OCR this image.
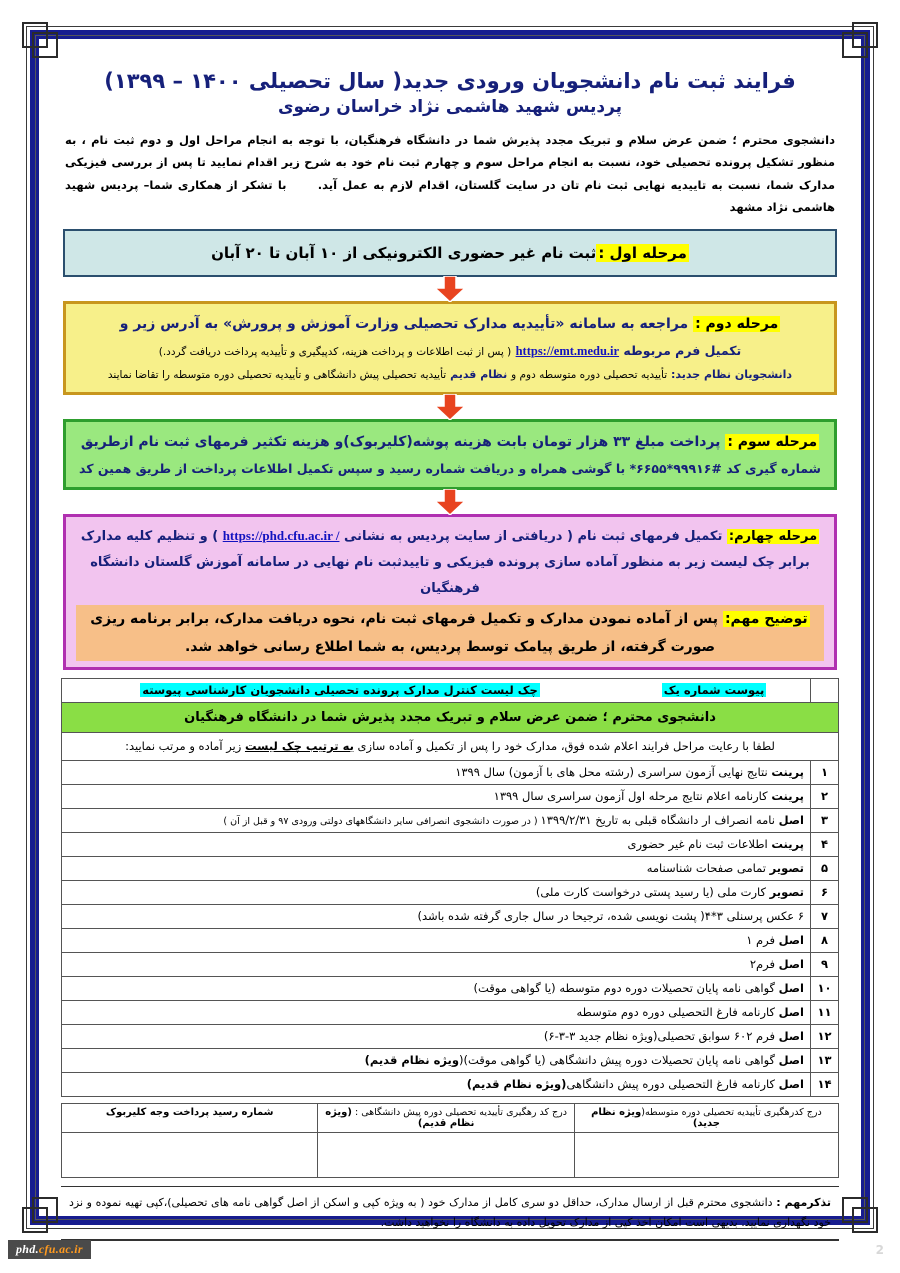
فرایند ثبت نام دانشجویان ورودی جدید( سال تحصیلی ۱۴۰۰ – ۱۳۹۹)
پردیس شهید هاشمی نژاد خراسان رضوی
دانشجوی محترم ؛ ضمن عرض سلام و تبریک مجدد پذیرش شما در دانشگاه فرهنگیان، با توجه به انجام مراحل اول و دوم ثبت نام ، به منظور تشکیل پرونده تحصیلی خود، نسبت به انجام مراحل سوم و چهارم ثبت نام خود به شرح زیر اقدام نمایید تا پس از بررسی فیزیکی مدارک شما، نسبت به تاییدیه نهایی ثبت نام تان در سایت گلستان، اقدام لازم به عمل آید.      با تشکر از همکاری شما– پردیس شهید هاشمی نژاد مشهد
مرحله اول :ثبت نام غیر حضوری الکترونیکی از ۱۰ آبان تا ۲۰ آبان
مرحله دوم : مراجعه به سامانه «تأییدیه مدارک تحصیلی وزارت آموزش و پرورش» به آدرس زیر و
تکمیل فرم مربوطه https://emt.medu.ir ( پس از ثبت اطلاعات و پرداخت هزینه، کدپیگیری و تأییدیه پرداخت دریافت گردد.)
دانشجویان نظام جدید: تأییدیه تحصیلی دوره متوسطه دوم و نظام قدیم تأییدیه تحصیلی پیش دانشگاهی و تأییدیه تحصیلی دوره متوسطه را تقاضا نمایند
مرحله سوم : پرداخت مبلغ ۳۳ هزار تومان بابت هزینه پوشه(کلیربوک)و هزینه تکثیر فرمهای ثبت نام ازطریق
شماره گیری کد #۹۹۹۱۶*۶۶۵۵* با گوشی همراه و دریافت شماره رسید و سپس تکمیل اطلاعات پرداخت از طریق همین کد
مرحله چهارم: تکمیل فرمهای ثبت نام ( دریافتی از سایت پردیس به نشانی https://phd.cfu.ac.ir / ) و تنظیم کلیه مدارک
برابر چک لیست زیر به منظور آماده سازی پرونده فیزیکی و تاییدثبت نام نهایی در سامانه آموزش گلستان دانشگاه فرهنگیان
توضیح مهم: پس از آماده نمودن مدارک و تکمیل فرمهای ثبت نام، نحوه دریافت مدارک، برابر برنامه ریزی صورت گرفته، از طریق پیامک توسط پردیس، به شما اطلاع رسانی خواهد شد.

پیوست شماره یک	چک لیست کنترل مدارک پرونده تحصیلی دانشجویان کارشناسی پیوسته

دانشجوی محترم ؛ ضمن عرض سلام و تبریک مجدد پذیرش شما در دانشگاه فرهنگیان
لطفا با رعایت مراحل فرایند اعلام شده فوق، مدارک خود را پس از تکمیل و آماده سازی به ترتیب چک لیست زیر آماده و مرتب نمایید:
۱	پرینت نتایج نهایی آزمون سراسری (رشته محل های با آزمون) سال ۱۳۹۹
۲	پرینت کارنامه اعلام نتایج مرحله اول آزمون سراسری سال ۱۳۹۹
۳	اصل نامه انصراف ار دانشگاه قبلی به تاریخ ۱۳۹۹/۲/۳۱ ( در صورت دانشجوی انصرافی سایر دانشگاههای دولتی ورودی ۹۷ و قبل از آن )
۴	پرینت اطلاعات ثبت نام غیر حضوری
۵	تصویر تمامی صفحات شناسنامه
۶	تصویر کارت ملی (یا رسید پستی درخواست کارت ملی)
۷	۶ عکس پرسنلی ۳*۴( پشت نویسی شده، ترجیحا در سال جاری گرفته شده باشد)
۸	اصل فرم ۱
۹	اصل فرم۲
۱۰	اصل گواهی نامه پایان تحصیلات دوره دوم متوسطه (یا گواهی موقت)
۱۱	اصل کارنامه فارغ التحصیلی دوره دوم متوسطه
۱۲	اصل فرم ۶۰۲ سوابق تحصیلی(ویژه نظام جدید ۳-۳-۶)
۱۳	اصل گواهی نامه پایان تحصیلات دوره پیش دانشگاهی (یا گواهی موقت)(ویژه نظام قدیم)
۱۴	اصل کارنامه فارغ التحصیلی دوره پیش دانشگاهی(ویژه نظام قدیم)
درج کدرهگیری تأییدیه تحصیلی دوره متوسطه(ویژه نظام جدید)	درج کد رهگیری تأییدیه تحصیلی دوره پیش دانشگاهی : (ویژه نظام قدیم)	شماره رسید پرداخت وجه کلیربوک

تذکرمهم : دانشجوی محترم قبل از ارسال مدارک، حداقل دو سری کامل از مدارک خود ( به ویژه کپی و اسکن از اصل گواهی نامه های تحصیلی)،کپی تهیه نموده و نزد خود نگهداری نمایید. بدیهی است امکان اخذ کپی از مدارک تحویل داده به دانشگاه را نخواهید داشت.
phd.cfu.ac.ir	2
